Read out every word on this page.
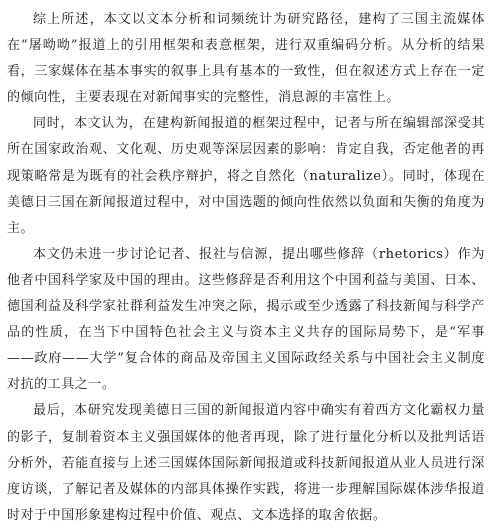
综上所述，本文以文本分析和词频统计为研究路径，建构了三国主流媒体在“屠呦呦”报道上的引用框架和表意框架，进行双重编码分析。从分析的结果看，三家媒体在基本事实的叙事上具有基本的一致性，但在叙述方式上存在一定的倾向性，主要表现在对新闻事实的完整性，消息源的丰富性上。

同时，本文认为，在建构新闻报道的框架过程中，记者与所在编辑部深受其所在国家政治观、文化观、历史观等深层因素的影响：肯定自我，否定他者的再现策略常是为既有的社会秩序辩护，将之自然化（naturalize）。同时，体现在美德日三国在新闻报道过程中，对中国选题的倾向性依然以负面和失衡的角度为主。

本文仍未进一步讨论记者、报社与信源，提出哪些修辞（rhetorics）作为他者中国科学家及中国的理由。这些修辞是否利用这个中国利益与美国、日本、德国利益及科学家社群利益发生冲突之际，揭示或至少透露了科技新闻与科学产品的性质，在当下中国特色社会主义与资本主义共存的国际局势下，是“军事——政府——大学”复合体的商品及帝国主义国际政经关系与中国社会主义制度对抗的工具之一。

最后，本研究发现美德日三国的新闻报道内容中确实有着西方文化霸权力量的影子，复制着资本主义强国媒体的他者再现，除了进行量化分析以及批判话语分析外，若能直接与上述三国媒体国际新闻报道或科技新闻报道从业人员进行深度访谈，了解记者及媒体的内部具体操作实践，将进一步理解国际媒体涉华报道时对于中国形象建构过程中价值、观点、文本选择的取舍依据。
